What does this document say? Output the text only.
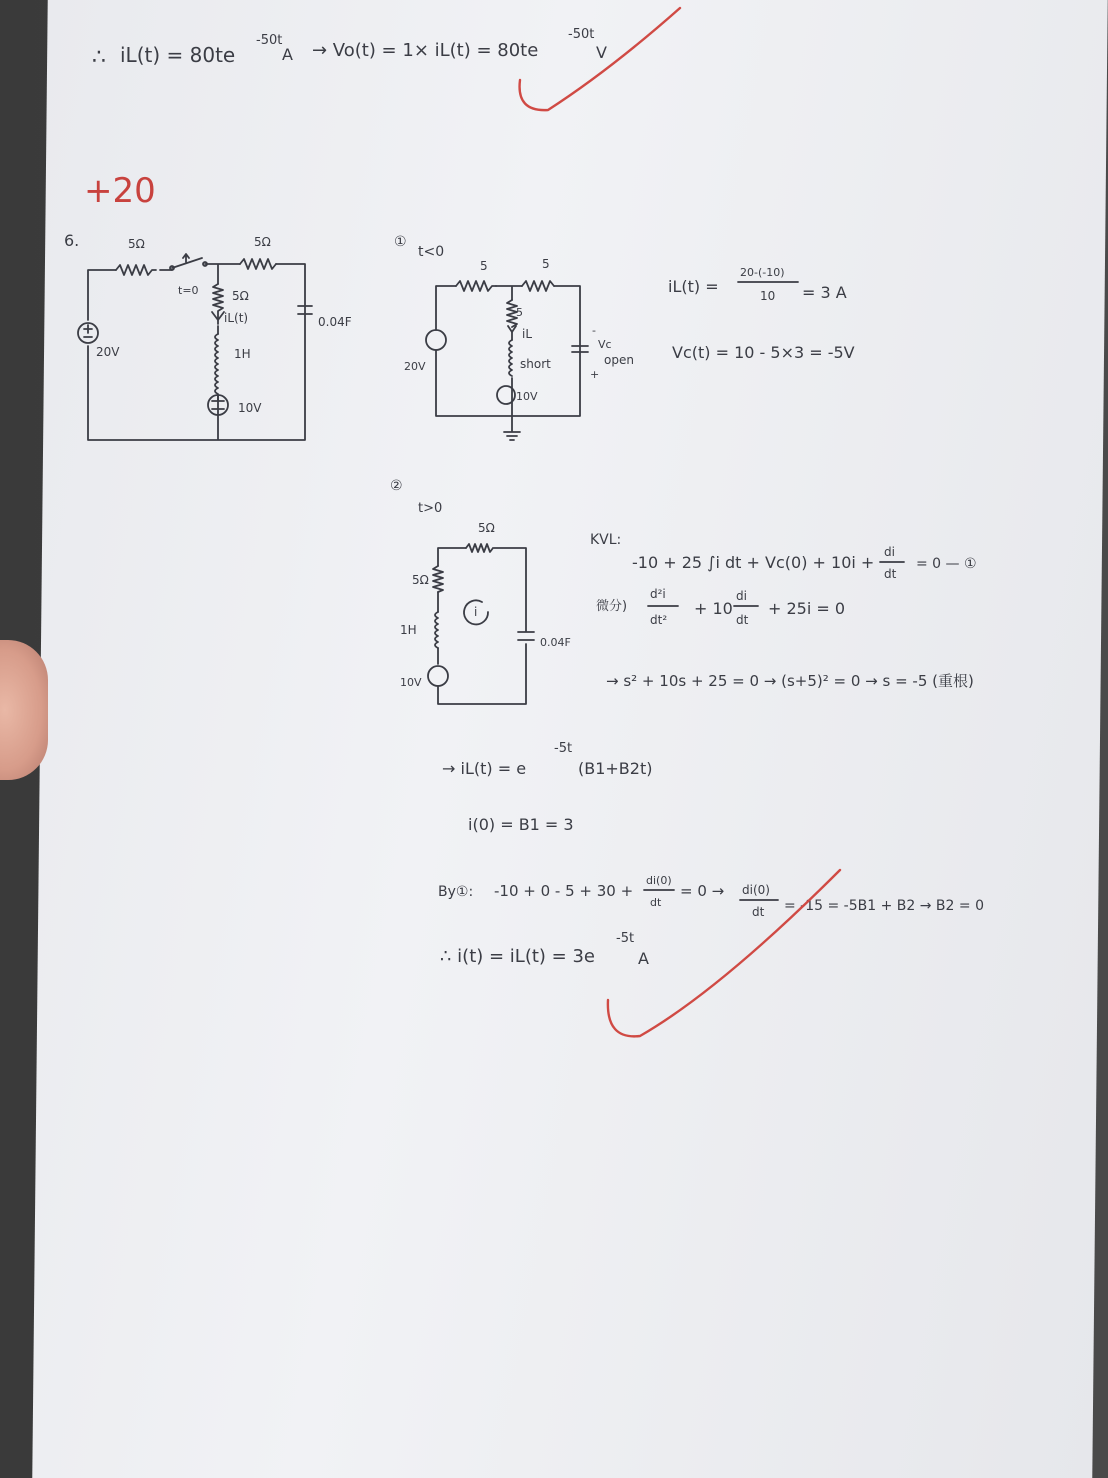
∴ iL(t) = 80te
-50t
A → Vo(t) = 1× iL(t) = 80te
-50t
V
+20
6.	5Ω	5Ω
t=0	5Ω
iL(t)
1H
10V
20V
0.04F
①
t<0
5	5
5
iL
short
10V
20V
-
Vc
+
open
iL(t) =
20-(-10)
10 = 3 A
Vc(t) = 10 - 5×3 = -5V
②
t>0
5Ω
5Ω
1H
10V
i
0.04F
KVL:
-10 + 25 ∫i dt + Vc(0) + 10i +
di
dt
= 0 — ①
微分)
d²i
dt²
+ 10
di
dt
+ 25i = 0
→ s² + 10s + 25 = 0 → (s+5)² = 0 → s = -5 (重根)
→ iL(t) = e
-5t
(B1+B2t)
i(0) = B1 = 3
By①: -10 + 0 - 5 + 30 +
di(0)
dt
= 0 → di(0)
dt = -15 = -5B1 + B2 → B2 = 0
∴ i(t) = iL(t) = 3e
-5t
A
